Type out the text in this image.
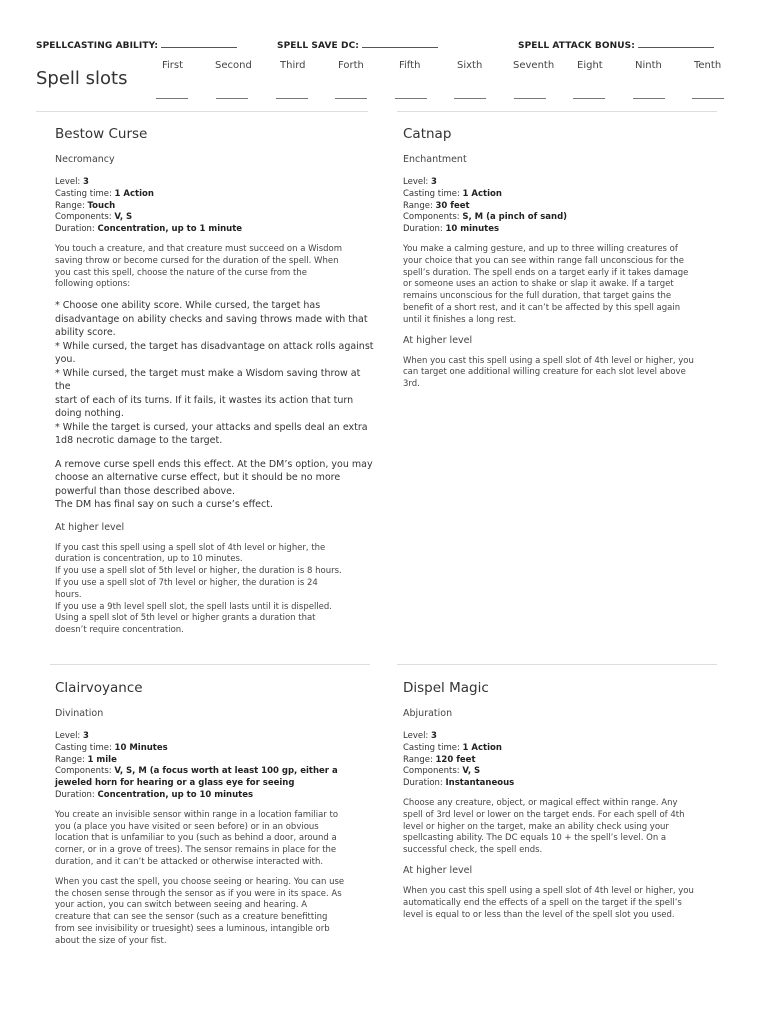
SPELLCASTING ABILITY:	SPELL SAVE DC:	SPELL ATTACK BONUS:
Spell slots
First	Second	Third	Forth	Fifth	Sixth	Seventh Eight	Ninth	Tenth
Bestow Curse
Necromancy
Level: 3
Casting time: 1 Action
Range: Touch
Components: V, S
Duration: Concentration, up to 1 minute
You touch a creature, and that creature must succeed on a Wisdom
saving throw or become cursed for the duration of the spell. When
you cast this spell, choose the nature of the curse from the
following options:
* Choose one ability score. While cursed, the target has
disadvantage on ability checks and saving throws made with that
ability score.
* While cursed, the target has disadvantage on attack rolls against
you.
* While cursed, the target must make a Wisdom saving throw at the
start of each of its turns. If it fails, it wastes its action that turn
doing nothing.
* While the target is cursed, your attacks and spells deal an extra
1d8 necrotic damage to the target.
A remove curse spell ends this effect. At the DM’s option, you may
choose an alternative curse effect, but it should be no more
powerful than those described above.
The DM has final say on such a curse’s effect.
At higher level
If you cast this spell using a spell slot of 4th level or higher, the
duration is concentration, up to 10 minutes.
If you use a spell slot of 5th level or higher, the duration is 8 hours.
If you use a spell slot of 7th level or higher, the duration is 24
hours.
If you use a 9th level spell slot, the spell lasts until it is dispelled.
Using a spell slot of 5th level or higher grants a duration that
doesn’t require concentration.
Catnap
Enchantment
Level: 3
Casting time: 1 Action
Range: 30 feet
Components: S, M (a pinch of sand)
Duration: 10 minutes
You make a calming gesture, and up to three willing creatures of
your choice that you can see within range fall unconscious for the
spell’s duration. The spell ends on a target early if it takes damage
or someone uses an action to shake or slap it awake. If a target
remains unconscious for the full duration, that target gains the
benefit of a short rest, and it can’t be affected by this spell again
until it finishes a long rest.
At higher level
When you cast this spell using a spell slot of 4th level or higher, you
can target one additional willing creature for each slot level above
3rd.
Clairvoyance
Divination
Level: 3
Casting time: 10 Minutes
Range: 1 mile
Components: V, S, M (a focus worth at least 100 gp, either a jeweled horn for hearing or a glass eye for seeing
Duration: Concentration, up to 10 minutes
You create an invisible sensor within range in a location familiar to
you (a place you have visited or seen before) or in an obvious
location that is unfamiliar to you (such as behind a door, around a
corner, or in a grove of trees). The sensor remains in place for the
duration, and it can’t be attacked or otherwise interacted with.
When you cast the spell, you choose seeing or hearing. You can use
the chosen sense through the sensor as if you were in its space. As
your action, you can switch between seeing and hearing. A
creature that can see the sensor (such as a creature benefitting
from see invisibility or truesight) sees a luminous, intangible orb
about the size of your fist.
Dispel Magic
Abjuration
Level: 3
Casting time: 1 Action
Range: 120 feet
Components: V, S
Duration: Instantaneous
Choose any creature, object, or magical effect within range. Any
spell of 3rd level or lower on the target ends. For each spell of 4th
level or higher on the target, make an ability check using your
spellcasting ability. The DC equals 10 + the spell’s level. On a
successful check, the spell ends.
At higher level
When you cast this spell using a spell slot of 4th level or higher, you
automatically end the effects of a spell on the target if the spell’s
level is equal to or less than the level of the spell slot you used.
